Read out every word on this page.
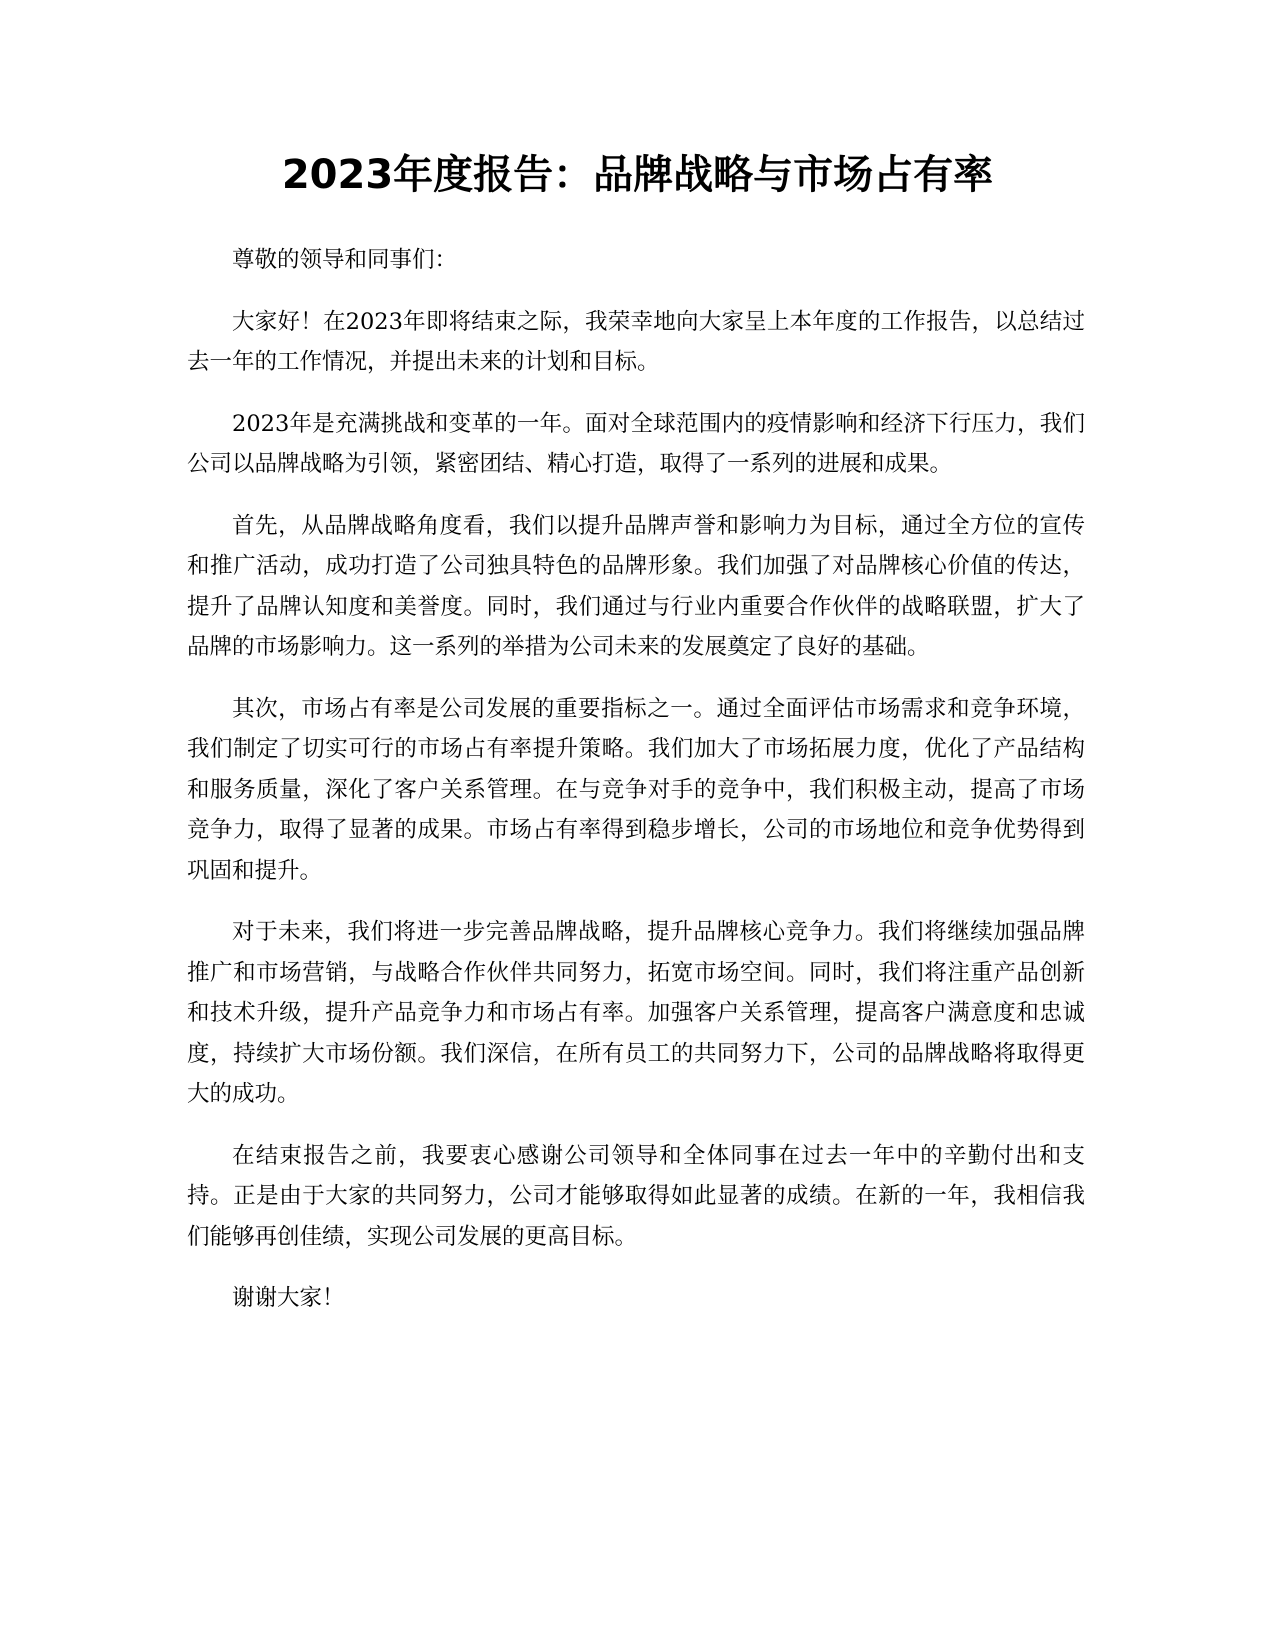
2023年度报告：品牌战略与市场占有率

尊敬的领导和同事们：

大家好！在2023年即将结束之际，我荣幸地向大家呈上本年度的工作报告，以总结过去一年的工作情况，并提出未来的计划和目标。

2023年是充满挑战和变革的一年。面对全球范围内的疫情影响和经济下行压力，我们公司以品牌战略为引领，紧密团结、精心打造，取得了一系列的进展和成果。

首先，从品牌战略角度看，我们以提升品牌声誉和影响力为目标，通过全方位的宣传和推广活动，成功打造了公司独具特色的品牌形象。我们加强了对品牌核心价值的传达，提升了品牌认知度和美誉度。同时，我们通过与行业内重要合作伙伴的战略联盟，扩大了品牌的市场影响力。这一系列的举措为公司未来的发展奠定了良好的基础。

其次，市场占有率是公司发展的重要指标之一。通过全面评估市场需求和竞争环境，我们制定了切实可行的市场占有率提升策略。我们加大了市场拓展力度，优化了产品结构和服务质量，深化了客户关系管理。在与竞争对手的竞争中，我们积极主动，提高了市场竞争力，取得了显著的成果。市场占有率得到稳步增长，公司的市场地位和竞争优势得到巩固和提升。

对于未来，我们将进一步完善品牌战略，提升品牌核心竞争力。我们将继续加强品牌推广和市场营销，与战略合作伙伴共同努力，拓宽市场空间。同时，我们将注重产品创新和技术升级，提升产品竞争力和市场占有率。加强客户关系管理，提高客户满意度和忠诚度，持续扩大市场份额。我们深信，在所有员工的共同努力下，公司的品牌战略将取得更大的成功。

在结束报告之前，我要衷心感谢公司领导和全体同事在过去一年中的辛勤付出和支持。正是由于大家的共同努力，公司才能够取得如此显著的成绩。在新的一年，我相信我们能够再创佳绩，实现公司发展的更高目标。

谢谢大家！
